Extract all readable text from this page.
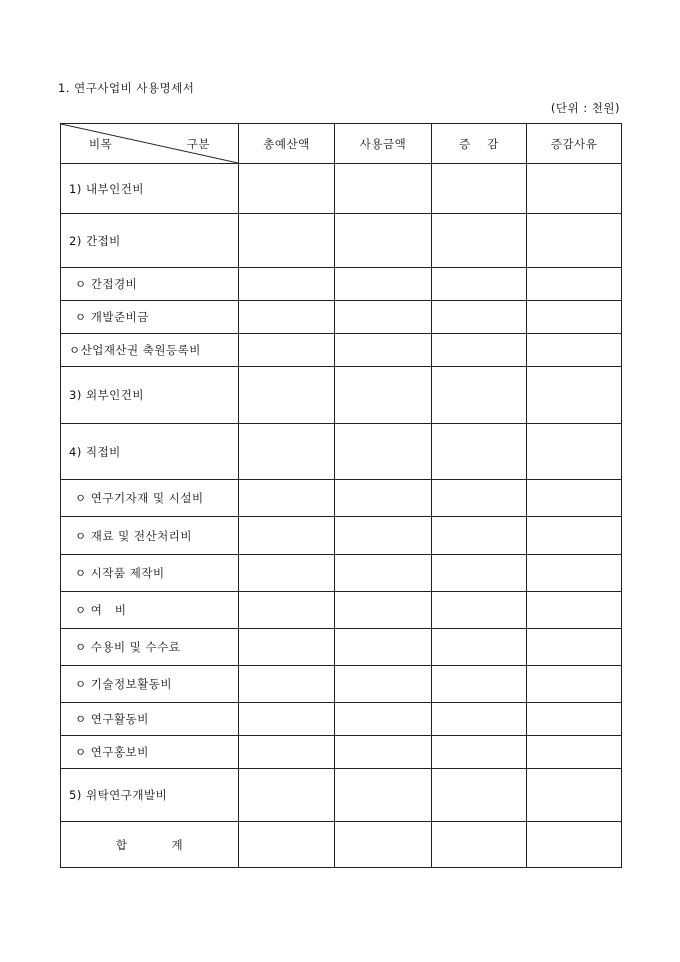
1. 연구사업비 사용명세서
(단위 : 천원)
비목 구분	총예산액	사용금액	증    감	증감사유
1) 내부인건비				
2) 간접비				
ㅇ 간접경비				
ㅇ 개발준비금				
ㅇ산업재산권 축원등록비				
3) 외부인건비				
4) 직접비				
ㅇ 연구기자재 및 시설비				
ㅇ 재료 및 전산처리비				
ㅇ 시작품 제작비				
ㅇ 여   비				
ㅇ 수용비 및 수수료				
ㅇ 기술정보활동비				
ㅇ 연구활동비				
ㅇ 연구홍보비				
5) 위탁연구개발비				
합 계				
